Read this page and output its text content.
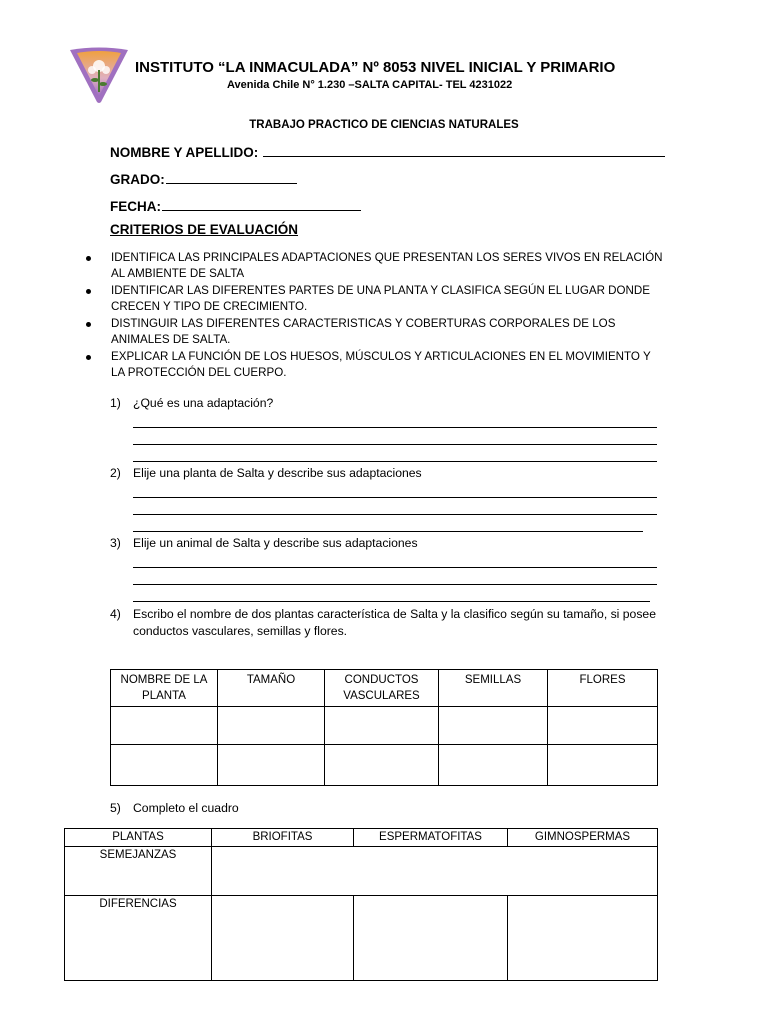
INSTITUTO “LA INMACULADA” Nº 8053 NIVEL INICIAL Y PRIMARIO
Avenida Chile N° 1.230 –SALTA CAPITAL- TEL 4231022
TRABAJO PRACTICO DE CIENCIAS NATURALES
NOMBRE Y APELLIDO:
GRADO:
FECHA:
CRITERIOS DE EVALUACIÓN
IDENTIFICA LAS PRINCIPALES ADAPTACIONES QUE PRESENTAN LOS SERES VIVOS EN RELACIÓN AL AMBIENTE DE SALTA
IDENTIFICAR LAS DIFERENTES PARTES DE UNA PLANTA Y CLASIFICA SEGÚN EL LUGAR DONDE CRECEN Y TIPO DE CRECIMIENTO.
DISTINGUIR LAS DIFERENTES CARACTERISTICAS Y COBERTURAS CORPORALES DE LOS ANIMALES DE SALTA.
EXPLICAR LA FUNCIÓN DE LOS HUESOS, MÚSCULOS Y ARTICULACIONES EN EL MOVIMIENTO Y LA PROTECCIÓN DEL CUERPO.
1) ¿Qué es una adaptación?
2) Elije una planta de Salta y describe sus adaptaciones
3) Elije un animal de Salta y describe sus adaptaciones
4) Escribo el nombre de dos plantas característica de Salta y la clasifico según su tamaño, si posee conductos vasculares, semillas y flores.
NOMBRE DE LA PLANTA	TAMAÑO	CONDUCTOS VASCULARES	SEMILLAS	FLORES

5) Completo el cuadro
PLANTAS	BRIOFITAS	ESPERMATOFITAS	GIMNOSPERMAS
SEMEJANZAS			
DIFERENCIAS			
